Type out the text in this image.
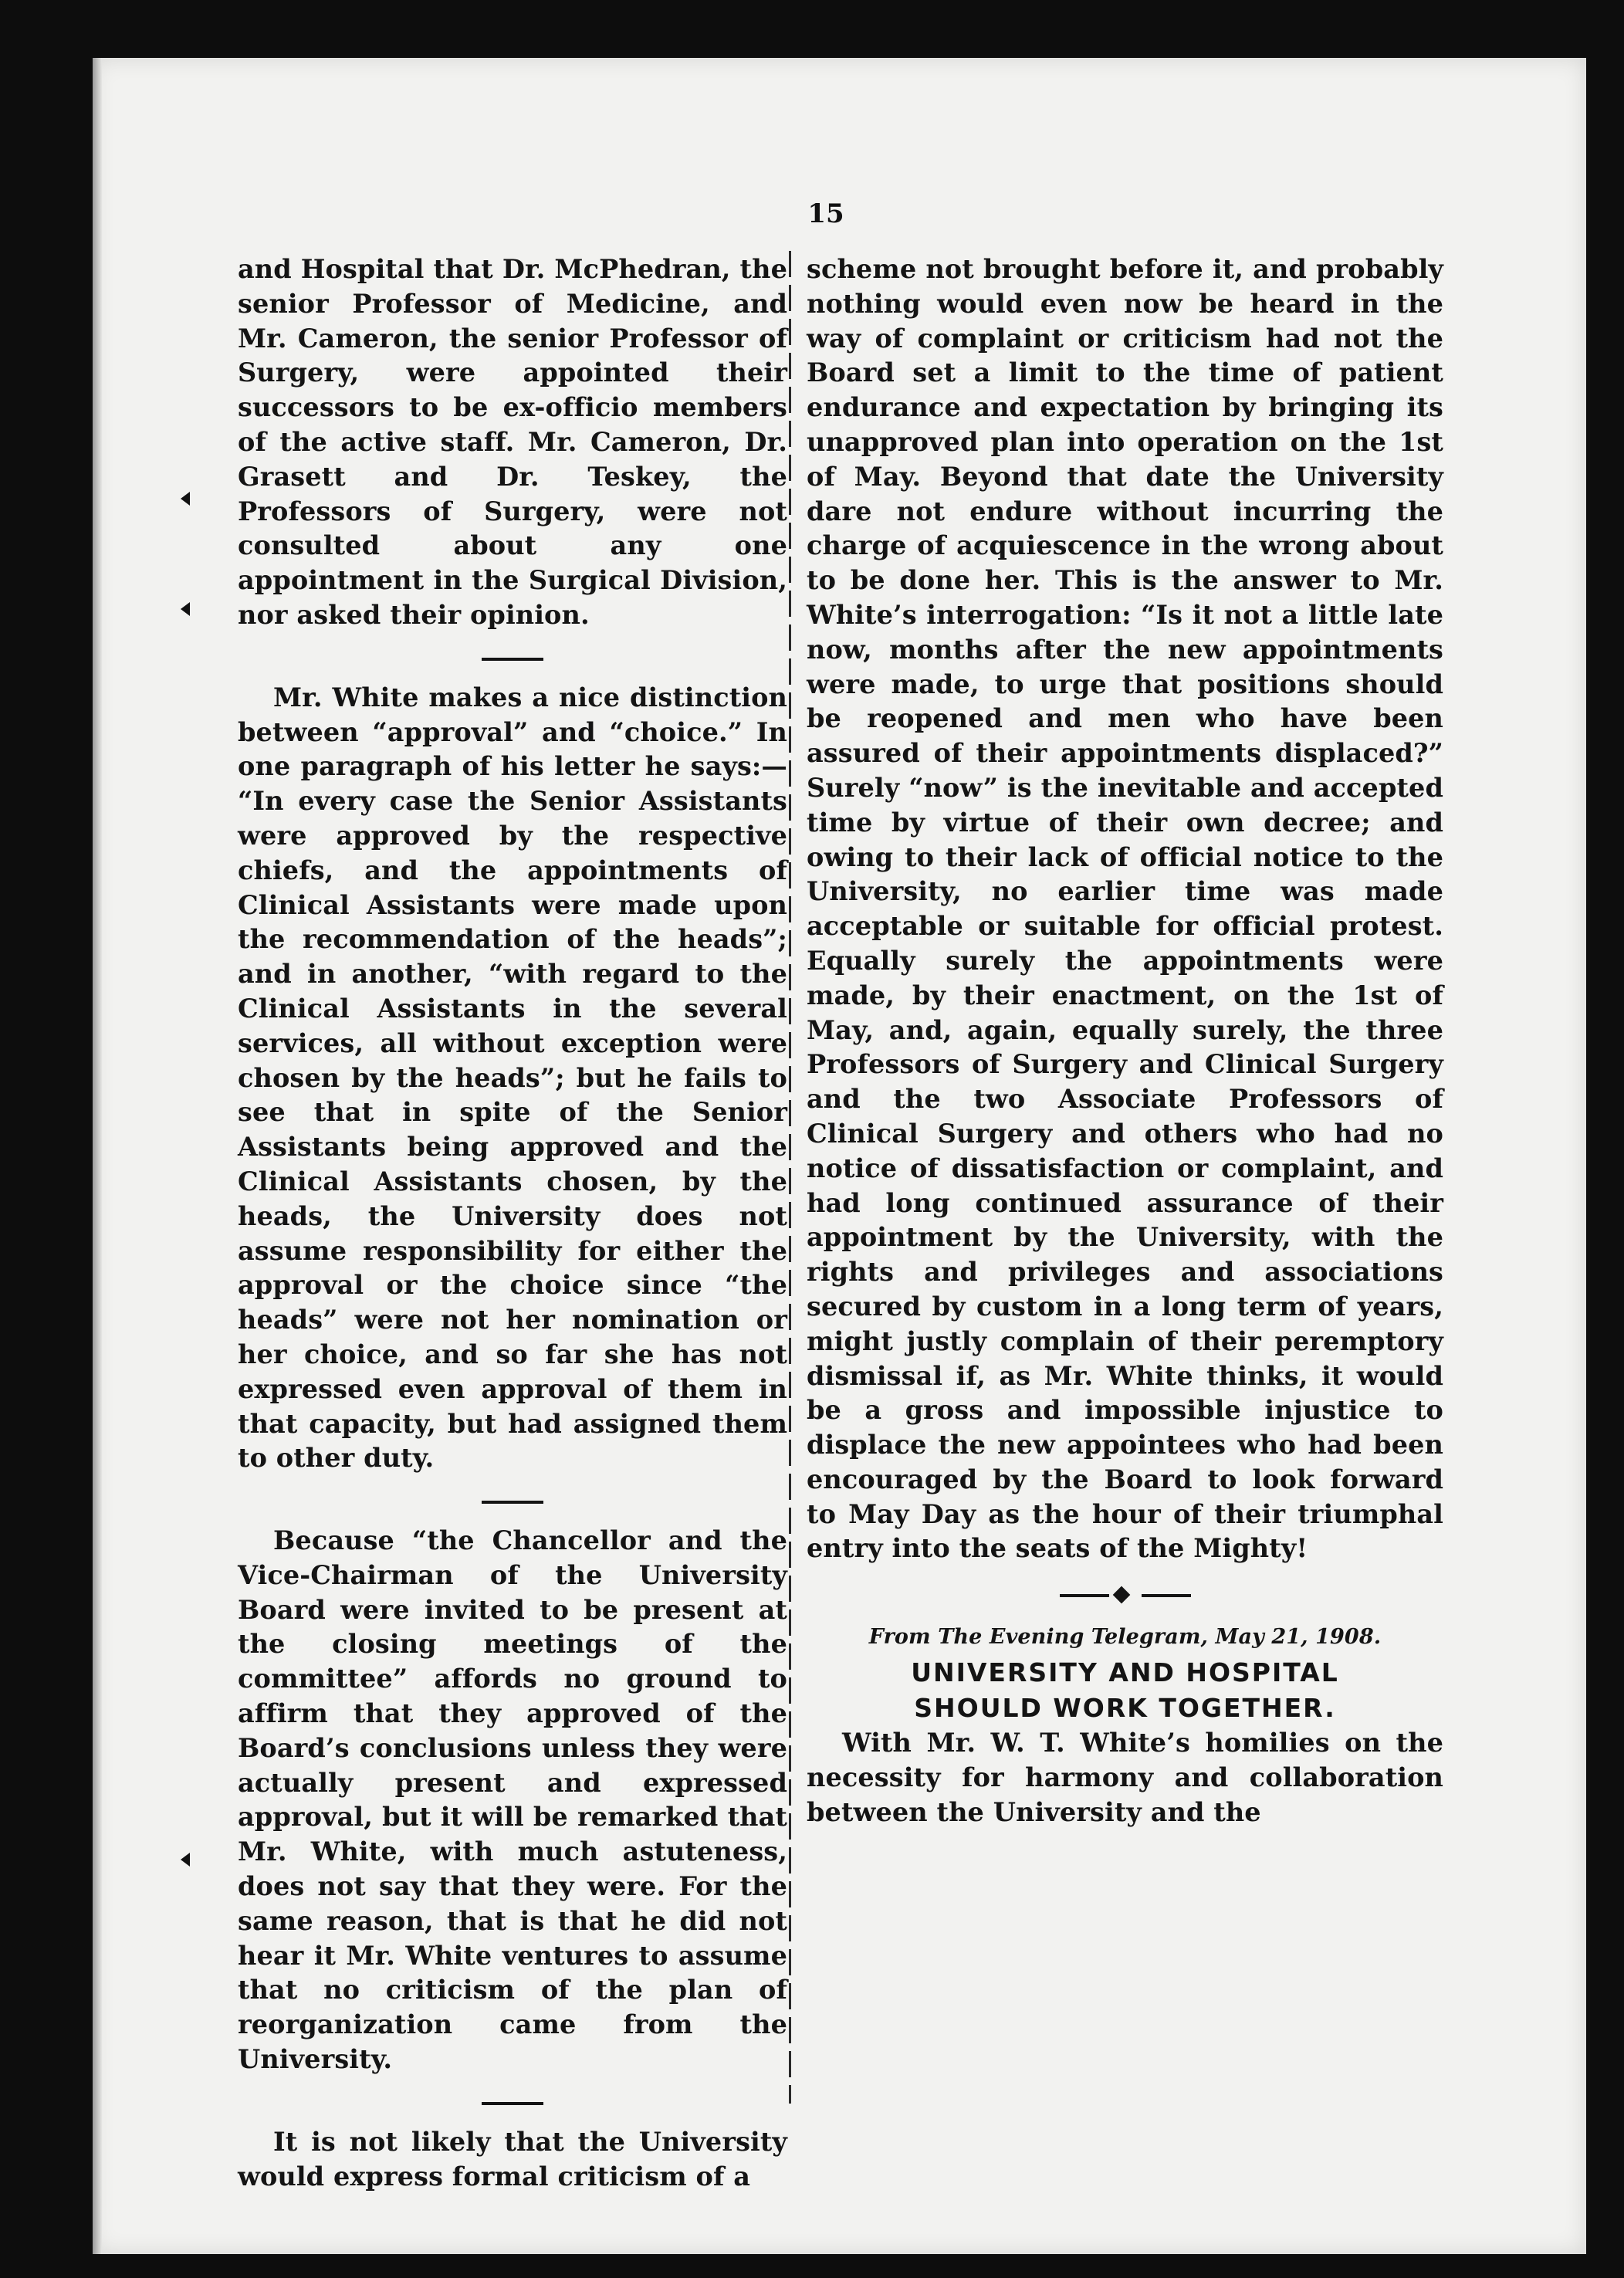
15

and Hospital that Dr. McPhedran, the senior Professor of Medicine, and Mr. Cameron, the senior Professor of Surgery, were appointed their successors to be ex-officio members of the active staff. Mr. Cameron, Dr. Grasett and Dr. Teskey, the Professors of Surgery, were not consulted about any one appointment in the Surgical Division, nor asked their opinion.

Mr. White makes a nice distinction between “approval” and “choice.” In one paragraph of his letter he says:— “In every case the Senior Assistants were approved by the respective chiefs, and the appointments of Clinical Assistants were made upon the recommendation of the heads”; and in another, “with regard to the Clinical Assistants in the several services, all without exception were chosen by the heads”; but he fails to see that in spite of the Senior Assistants being approved and the Clinical Assistants chosen, by the heads, the University does not assume responsibility for either the approval or the choice since “the heads” were not her nomination or her choice, and so far she has not expressed even approval of them in that capacity, but had assigned them to other duty.

Because “the Chancellor and the Vice-Chairman of the University Board were invited to be present at the closing meetings of the committee” affords no ground to affirm that they approved of the Board’s conclusions unless they were actually present and expressed approval, but it will be remarked that Mr. White, with much astuteness, does not say that they were. For the same reason, that is that he did not hear it Mr. White ventures to assume that no criticism of the plan of reorganization came from the University.

It is not likely that the University would express formal criticism of a

scheme not brought before it, and probably nothing would even now be heard in the way of complaint or criticism had not the Board set a limit to the time of patient endurance and expectation by bringing its unapproved plan into operation on the 1st of May. Beyond that date the University dare not endure without incurring the charge of acquiescence in the wrong about to be done her. This is the answer to Mr. White’s interrogation: “Is it not a little late now, months after the new appointments were made, to urge that positions should be reopened and men who have been assured of their appointments displaced?” Surely “now” is the inevitable and accepted time by virtue of their own decree; and owing to their lack of official notice to the University, no earlier time was made acceptable or suitable for official protest. Equally surely the appointments were made, by their enactment, on the 1st of May, and, again, equally surely, the three Professors of Surgery and Clinical Surgery and the two Associate Professors of Clinical Surgery and others who had no notice of dissatisfaction or complaint, and had long continued assurance of their appointment by the University, with the rights and privileges and associations secured by custom in a long term of years, might justly complain of their peremptory dismissal if, as Mr. White thinks, it would be a gross and impossible injustice to displace the new appointees who had been encouraged by the Board to look forward to May Day as the hour of their triumphal entry into the seats of the Mighty!

From The Evening Telegram, May 21, 1908.

UNIVERSITY AND HOSPITAL

SHOULD WORK TOGETHER.

With Mr. W. T. White’s homilies on the necessity for harmony and collaboration between the University and the
